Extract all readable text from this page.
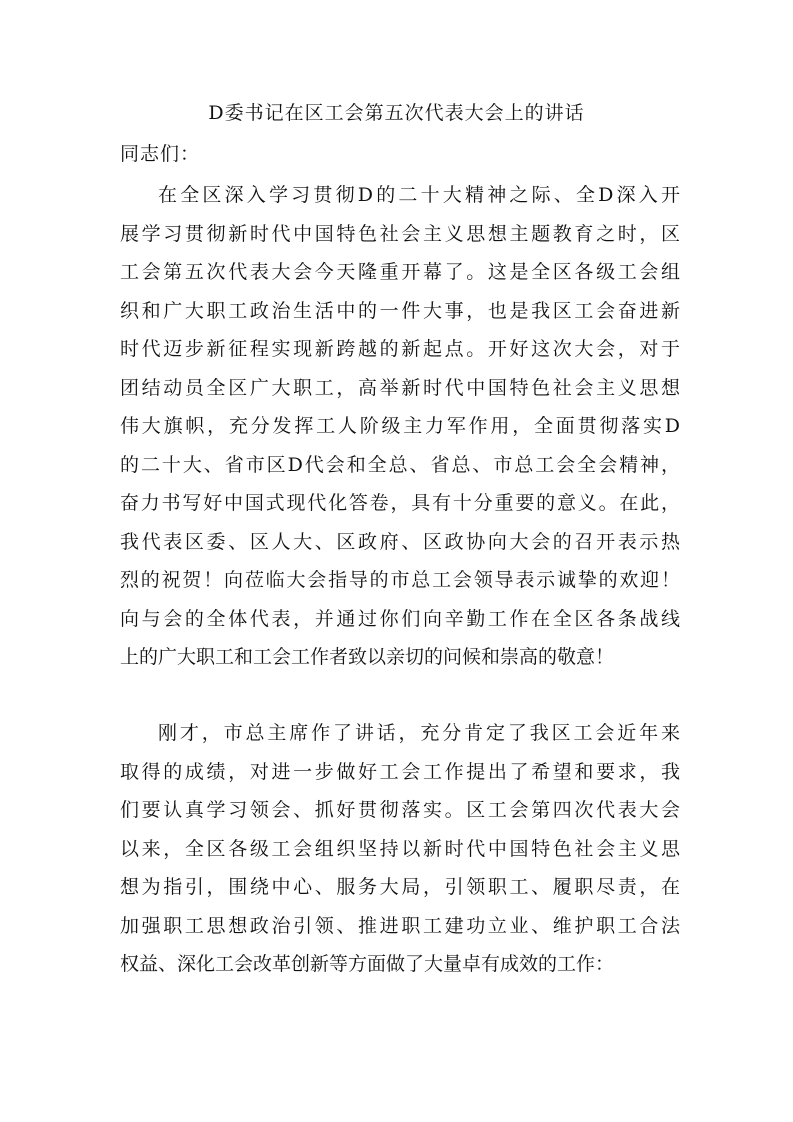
D委书记在区工会第五次代表大会上的讲话
同志们：
在全区深入学习贯彻D的二十大精神之际、全D深入开
展学习贯彻新时代中国特色社会主义思想主题教育之时，区
工会第五次代表大会今天隆重开幕了。这是全区各级工会组
织和广大职工政治生活中的一件大事，也是我区工会奋进新
时代迈步新征程实现新跨越的新起点。开好这次大会，对于
团结动员全区广大职工，高举新时代中国特色社会主义思想
伟大旗帜，充分发挥工人阶级主力军作用，全面贯彻落实D
的二十大、省市区D代会和全总、省总、市总工会全会精神，
奋力书写好中国式现代化答卷，具有十分重要的意义。在此，
我代表区委、区人大、区政府、区政协向大会的召开表示热
烈的祝贺！向莅临大会指导的市总工会领导表示诚挚的欢迎！
向与会的全体代表，并通过你们向辛勤工作在全区各条战线
上的广大职工和工会工作者致以亲切的问候和崇高的敬意！
刚才，市总主席作了讲话，充分肯定了我区工会近年来
取得的成绩，对进一步做好工会工作提出了希望和要求，我
们要认真学习领会、抓好贯彻落实。区工会第四次代表大会
以来，全区各级工会组织坚持以新时代中国特色社会主义思
想为指引，围绕中心、服务大局，引领职工、履职尽责，在
加强职工思想政治引领、推进职工建功立业、维护职工合法
权益、深化工会改革创新等方面做了大量卓有成效的工作：
